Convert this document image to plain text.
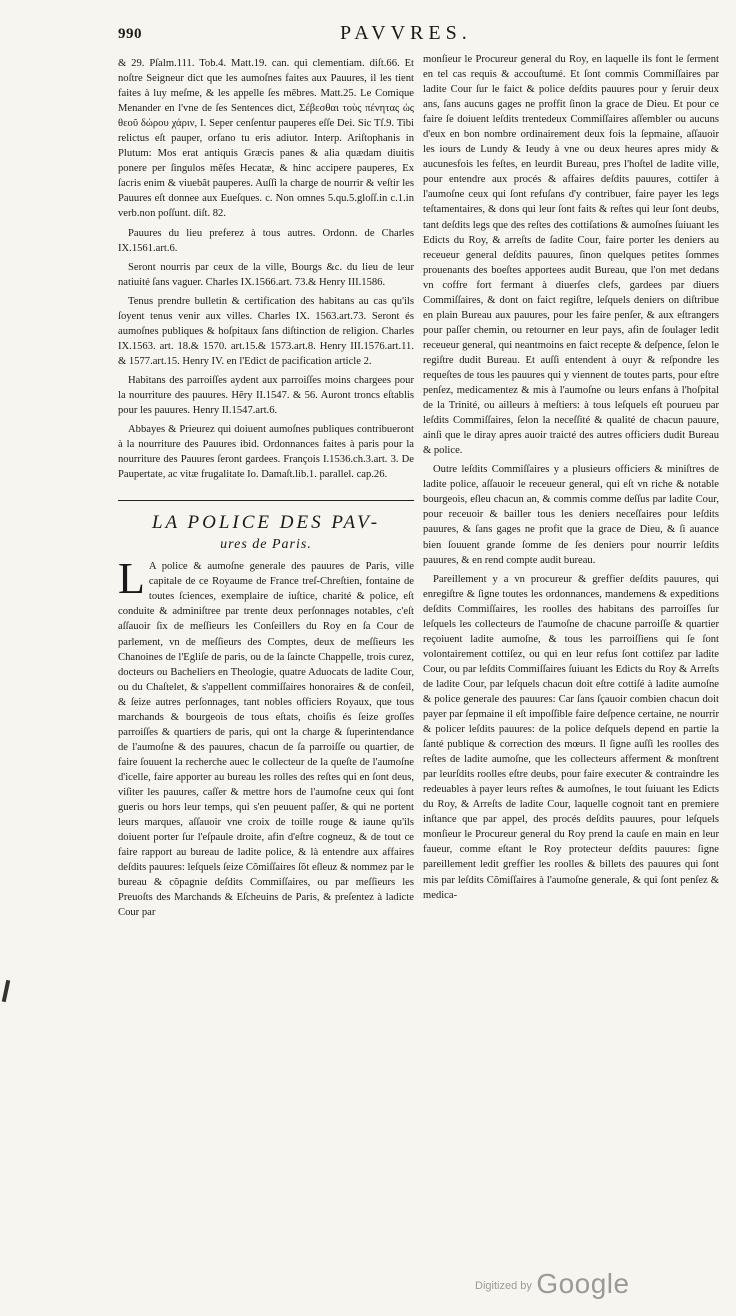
990	PAVVRES.

& 29. Pſalm.111. Tob.4. Matt.19. can. qui clementiam. diſt.66. Et noſtre Seigneur dict que les aumoſnes faites aux Pauures, il les tient faites à luy meſme, & les appelle ſes mẽbres. Matt.25. Le Comique Menander en l'vne de ſes Sentences dict, Σέβεσθαι τοὺς πένητας ὡς θεοῦ δώρου χάριν, I. Seper cenſentur pauperes eſſe Dei. Sic Tſ.9. Tibi relictus eſt pauper, orfano tu eris adiutor. Interp. Ariſtophanis in Plutum: Mos erat antiquis Græcis panes & alia quædam diuitis ponere per ſingulos mẽſes Hecatæ, & hinc accipere pauperes, Ex ſacris enim & viuebãt pauperes. Auſſi la charge de nourrir & veſtir les Pauures eſt donnee aux Eueſques. c. Non omnes 5.qu.5.gloſſ.in c.1.in verb.non poſſunt. diſt. 82.

Pauures du lieu preferez à tous autres. Ordonn. de Charles IX.1561.art.6.

Seront nourris par ceux de la ville, Bourgs &c. du lieu de leur natiuité ſans vaguer. Charles IX.1566.art. 73.& Henry III.1586.

Tenus prendre bulletin & certification des habitans au cas qu'ils ſoyent tenus venir aux villes. Charles IX. 1563.art.73. Seront és aumoſnes publiques & hoſpitaux ſans diſtinction de religion. Charles IX.1563. art. 18.& 1570. art.15.& 1573.art.8. Henry III.1576.art.11. & 1577.art.15. Henry IV. en l'Edict de pacification article 2.

Habitans des parroiſſes aydent aux parroiſſes moins chargees pour la nourriture des pauures. Hẽry II.1547. & 56. Auront troncs eſtablis pour les pauures. Henry II.1547.art.6.

Abbayes & Prieurez qui doiuent aumoſnes publiques contribueront à la nourriture des Pauures ibid. Ordonnances faites à paris pour la nourriture des Pauures ſeront gardees. François I.1536.ch.3.art. 3. De Paupertate, ac vitæ frugalitate Io. Damaſt.lib.1. parallel. cap.26.

LA POLICE DES PAV-
ures de Paris.

L A police & aumoſne generale des pauures de Paris, ville capitale de ce Royaume de France treſ-Chreſtien, fontaine de toutes ſciences, exemplaire de iuſtice, charité & police, eſt conduite & adminiſtree par trente deux perſonnages notables, c'eſt aſſauoir ſix de meſſieurs les Conſeillers du Roy en ſa Cour de parlement, vn de meſſieurs des Comptes, deux de meſſieurs les Chanoines de l'Egliſe de paris, ou de la ſaincte Chappelle, trois curez, docteurs ou Bacheliers en Theologie, quatre Aduocats de ladite Cour, ou du Chaſtelet, & s'appellent commiſſaires honoraires & de conſeil, & ſeize autres perſonnages, tant nobles officiers Royaux, que tous marchands & bourgeois de tous eſtats, choiſis és ſeize groſſes parroiſſes & quartiers de paris, qui ont la charge & ſuperintendance de l'aumoſne & des pauures, chacun de ſa parroiſſe ou quartier, de faire ſouuent la recherche auec le collecteur de la queſte de l'aumoſne d'icelle, faire apporter au bureau les rolles des reſtes qui en ſont deus, viſiter les pauures, caſſer & mettre hors de l'aumoſne ceux qui ſont gueris ou hors leur temps, qui s'en peuuent paſſer, & qui ne portent leurs marques, aſſauoir vne croix de toille rouge & iaune qu'ils doiuent porter ſur l'eſpaule droite, afin d'eſtre cogneuz, & de tout ce faire rapport au bureau de ladite police, & là entendre aux affaires deſdits pauures: leſquels ſeize Cõmiſſaires ſõt eſleuz & nommez par le bureau & cõpagnie deſdits Commiſſaires, ou par meſſieurs les Preuoſts des Marchands & Eſcheuins de Paris, & preſentez à ladicte Cour par

monſieur le Procureur general du Roy, en laquelle ils font le ſerment en tel cas requis & accouſtumé. Et ſont commis Commiſſaires par ladite Cour ſur le faict & police deſdits pauures pour y ſeruir deux ans, ſans aucuns gages ne proffit ſinon la grace de Dieu. Et pour ce faire ſe doiuent leſdits trentedeux Commiſſaires aſſembler ou aucuns d'eux en bon nombre ordinairement deux fois la ſepmaine, aſſauoir les iours de Lundy & Ieudy à vne ou deux heures apres midy & aucunesfois les feſtes, en leurdit Bureau, pres l'hoſtel de ladite ville, pour entendre aux procés & affaires deſdits pauures, cottiſer à l'aumoſne ceux qui ſont refuſans d'y contribuer, faire payer les legs teſtamentaires, & dons qui leur ſont faits & reſtes qui leur ſont deubs, tant deſdits legs que des reſtes des cottiſations & aumoſnes ſuiuant les Edicts du Roy, & arreſts de ſadite Cour, faire porter les deniers au receueur general deſdits pauures, ſinon quelques petites ſommes prouenants des boeſtes apportees audit Bureau, que l'on met dedans vn coffre fort fermant à diuerſes clefs, gardees par diuers Commiſſaires, & dont on faict regiſtre, leſquels deniers on diſtribue en plain Bureau aux pauures, pour les faire penſer, & aux eſtrangers pour paſſer chemin, ou retourner en leur pays, afin de ſoulager ledit receueur general, qui neantmoins en faict recepte & deſpence, ſelon le regiſtre dudit Bureau. Et auſſi entendent à ouyr & reſpondre les requeſtes de tous les pauures qui y viennent de toutes parts, pour eſtre penſez, medicamentez & mis à l'aumoſne ou leurs enfans à l'hoſpital de la Trinité, ou ailleurs à meſtiers: à tous leſquels eſt pourueu par leſdits Commiſſaires, ſelon la neceſſité & qualité de chacun pauure, ainſi que le diray apres auoir traicté des autres officiers dudit Bureau & police.

Outre leſdits Commiſſaires y a plusieurs officiers & miniſtres de ladite police, aſſauoir le receueur general, qui eſt vn riche & notable bourgeois, eſleu chacun an, & commis comme deſſus par ladite Cour, pour receuoir & bailler tous les deniers neceſſaires pour leſdits pauures, & ſans gages ne profit que la grace de Dieu, & ſi auance bien ſouuent grande ſomme de ſes deniers pour nourrir leſdits pauures, & en rend compte audit bureau.

Pareillement y a vn procureur & greffier deſdits pauures, qui enregiſtre & ſigne toutes les ordonnances, mandemens & expeditions deſdits Commiſſaires, les roolles des habitans des parroiſſes ſur leſquels les collecteurs de l'aumoſne de chacune parroiſſe & quartier reçoiuent ladite aumoſne, & tous les parroiſſiens qui ſe ſont volontairement cottiſez, ou qui en leur refus ſont cottiſez par ladite Cour, ou par leſdits Commiſſaires ſuiuant les Edicts du Roy & Arreſts de ladite Cour, par leſquels chacun doit eſtre cottiſé à ladite aumoſne & police generale des pauures: Car ſans ſçauoir combien chacun doit payer par ſepmaine il eſt impoſſible faire deſpence certaine, ne nourrir & policer leſdits pauures: de la police deſquels depend en partie la ſanté publique & correction des mœurs. Il ſigne auſſi les roolles des reſtes de ladite aumoſne, que les collecteurs afferment & monſtrent par leurſdits roolles eſtre deubs, pour faire executer & contraindre les redeuables à payer leurs reſtes & aumoſnes, le tout ſuiuant les Edicts du Roy, & Arreſts de ladite Cour, laquelle cognoit tant en premiere inſtance que par appel, des procés deſdits pauures, pour leſquels monſieur le Procureur general du Roy prend la cauſe en main en leur faueur, comme eſtant le Roy protecteur deſdits pauures: ſigne pareillement ledit greffier les roolles & billets des pauures qui ſont mis par leſdits Cõmiſſaires à l'aumoſne generale, & qui ſont penſez & medica-

$^{Digitized by}$ Google
